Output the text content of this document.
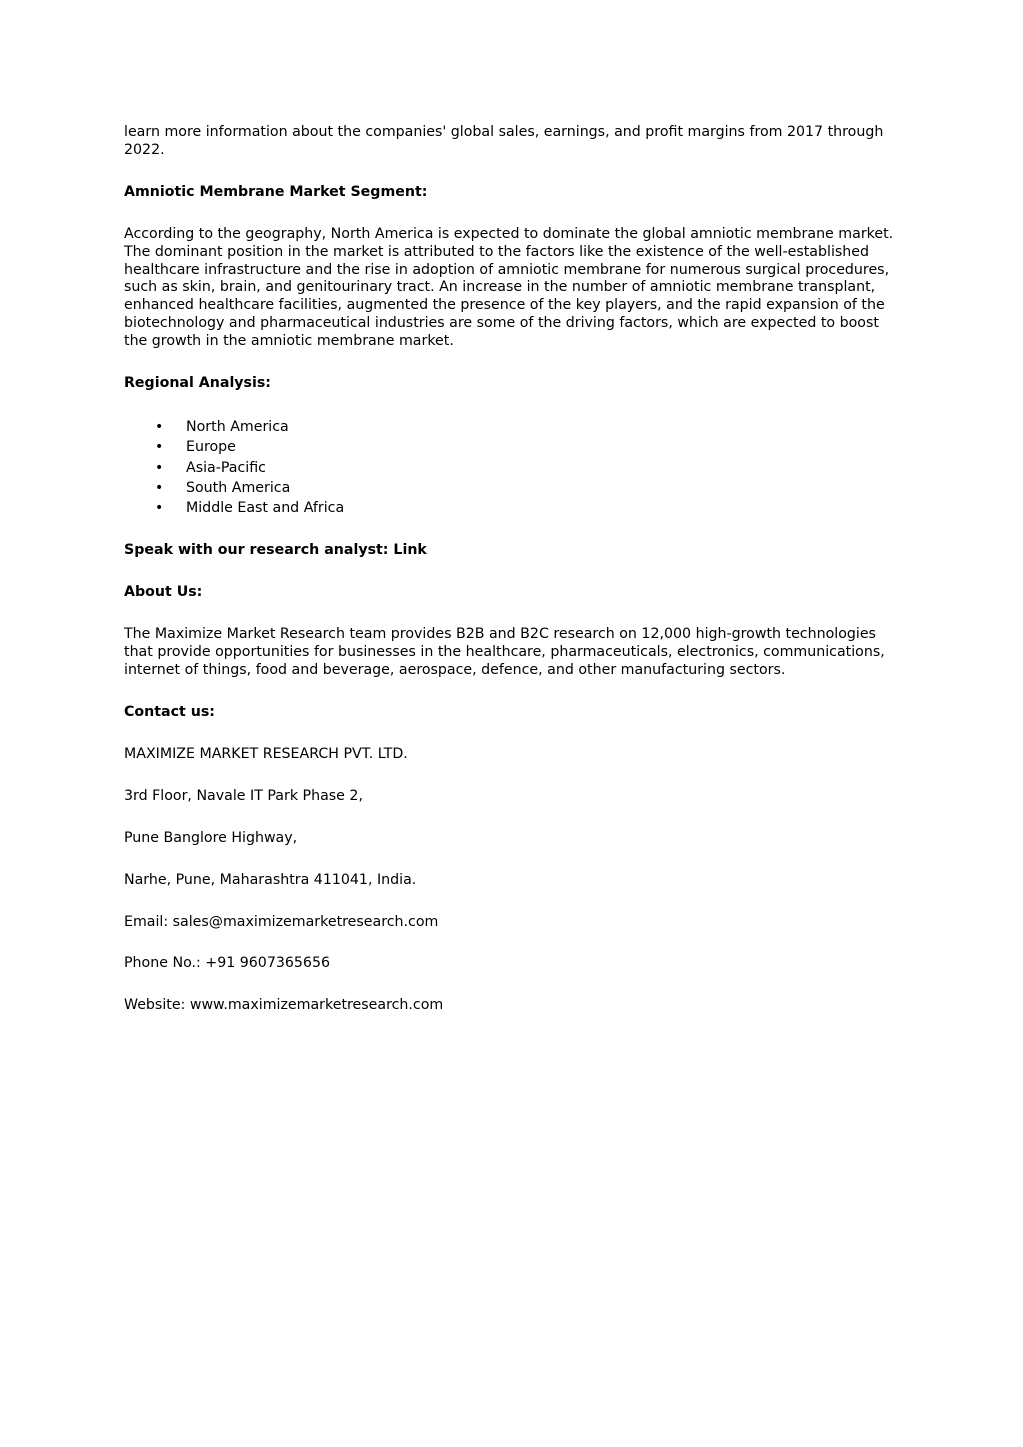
learn more information about the companies' global sales, earnings, and profit margins from 2017 through 2022.

Amniotic Membrane Market Segment:

According to the geography, North America is expected to dominate the global amniotic membrane market. The dominant position in the market is attributed to the factors like the existence of the well-established healthcare infrastructure and the rise in adoption of amniotic membrane for numerous surgical procedures, such as skin, brain, and genitourinary tract. An increase in the number of amniotic membrane transplant, enhanced healthcare facilities, augmented the presence of the key players, and the rapid expansion of the biotechnology and pharmaceutical industries are some of the driving factors, which are expected to boost the growth in the amniotic membrane market.

Regional Analysis:

• North America
• Europe
• Asia-Pacific
• South America
• Middle East and Africa

Speak with our research analyst: Link

About Us:

The Maximize Market Research team provides B2B and B2C research on 12,000 high-growth technologies that provide opportunities for businesses in the healthcare, pharmaceuticals, electronics, communications, internet of things, food and beverage, aerospace, defence, and other manufacturing sectors.

Contact us:

MAXIMIZE MARKET RESEARCH PVT. LTD.

3rd Floor, Navale IT Park Phase 2,

Pune Banglore Highway,

Narhe, Pune, Maharashtra 411041, India.

Email: sales@maximizemarketresearch.com

Phone No.: +91 9607365656

Website: www.maximizemarketresearch.com
